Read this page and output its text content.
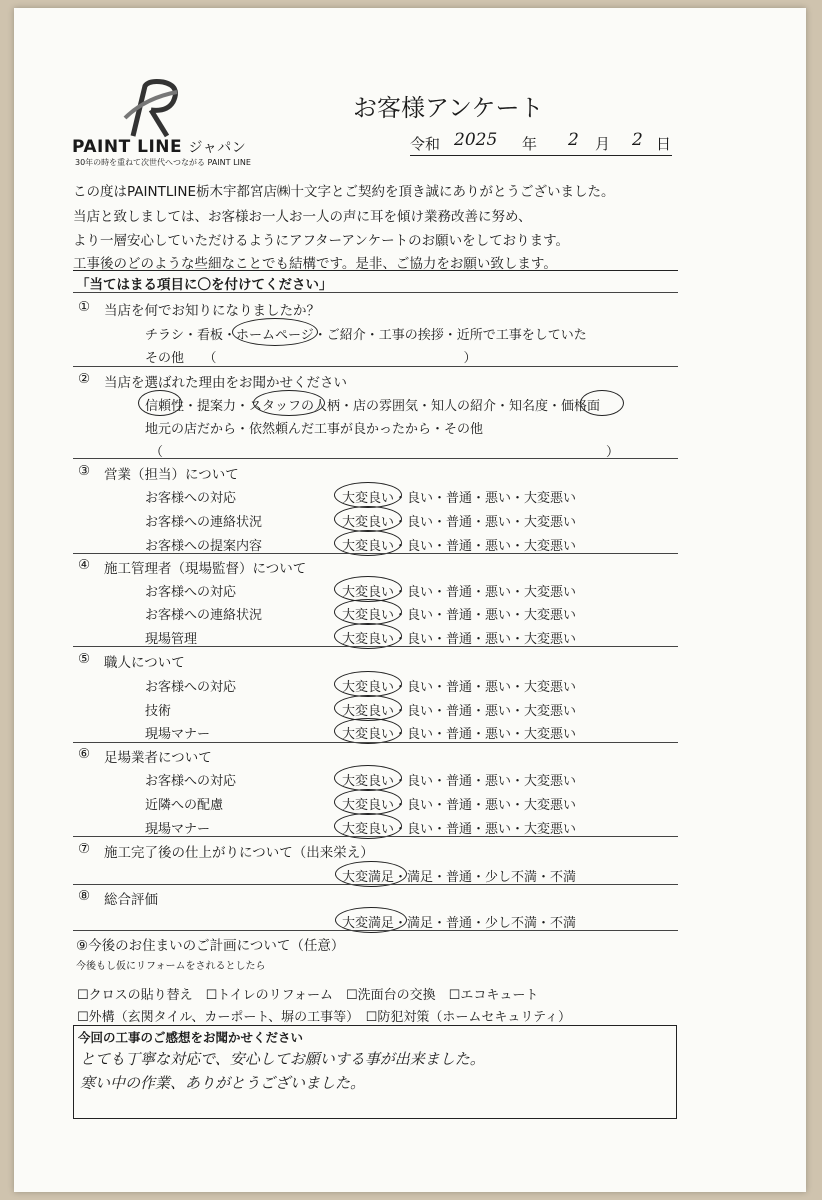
PAINT LINE ジャパン
30年の時を重ねて次世代へつながる PAINT LINE
お客様アンケート
令和 2025 年 2 月 2 日
この度はPAINTLINE栃木宇都宮店㈱十文字とご契約を頂き誠にありがとうございました。
当店と致しましては、お客様お一人お一人の声に耳を傾け業務改善に努め、
より一層安心していただけるようにアフターアンケートのお願いをしております。
工事後のどのような些細なことでも結構です。是非、ご協力をお願い致します。
「当てはまる項目に〇を付けてください」
① 当店を何でお知りになりましたか？
チラシ・看板・ホームページ・ご紹介・工事の挨拶・近所で工事をしていた
その他　　（　　　　　　　　　　　　　　　　　　　）
② 当店を選ばれた理由をお聞かせください
信頼性・提案力・スタッフの人柄・店の雰囲気・知人の紹介・知名度・価格面
地元の店だから・依然頼んだ工事が良かったから・その他
（	）
③ 営業（担当）について
お客様への対応	大変良い・良い・普通・悪い・大変悪い
お客様への連絡状況	大変良い・良い・普通・悪い・大変悪い
お客様への提案内容	大変良い・良い・普通・悪い・大変悪い
④ 施工管理者（現場監督）について
お客様への対応	大変良い・良い・普通・悪い・大変悪い
お客様への連絡状況	大変良い・良い・普通・悪い・大変悪い
現場管理	大変良い・良い・普通・悪い・大変悪い
⑤ 職人について
お客様への対応	大変良い・良い・普通・悪い・大変悪い
技術	大変良い・良い・普通・悪い・大変悪い
現場マナー	大変良い・良い・普通・悪い・大変悪い
⑥ 足場業者について
お客様への対応	大変良い・良い・普通・悪い・大変悪い
近隣への配慮	大変良い・良い・普通・悪い・大変悪い
現場マナー	大変良い・良い・普通・悪い・大変悪い
⑦ 施工完了後の仕上がりについて（出来栄え）
大変満足・満足・普通・少し不満・不満
⑧ 総合評価
大変満足・満足・普通・少し不満・不満
⑨今後のお住まいのご計画について（任意）
今後もし仮にリフォームをされるとしたら
☐クロスの貼り替え　☐トイレのリフォーム　☐洗面台の交換　☐エコキュート
☐外構（玄関タイル、カーポート、塀の工事等）　☐防犯対策（ホームセキュリティ）
今回の工事のご感想をお聞かせください
とても丁寧な対応で、安心してお願いする事が出来ました。
寒い中の作業、ありがとうございました。
